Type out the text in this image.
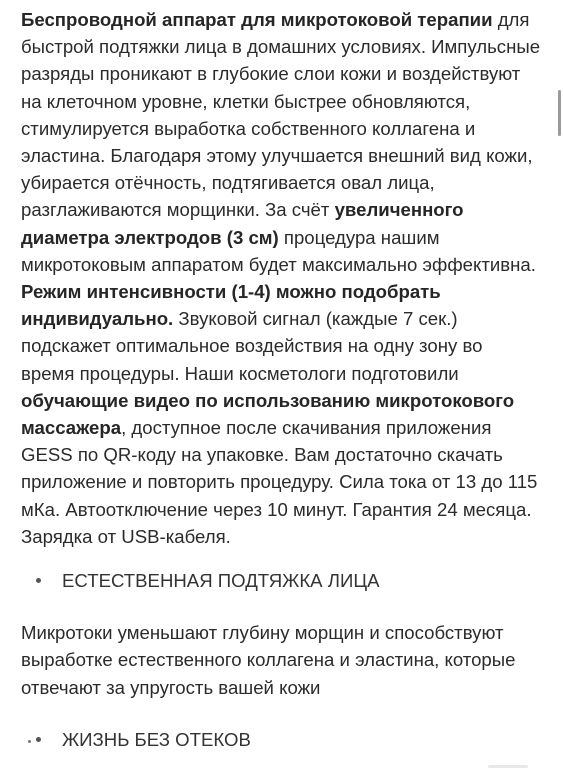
Беспроводной аппарат для микротоковой терапии для быстрой подтяжки лица в домашних условиях. Импульсные разряды проникают в глубокие слои кожи и воздействуют на клеточном уровне, клетки быстрее обновляются, стимулируется выработка собственного коллагена и эластина. Благодаря этому улучшается внешний вид кожи, убирается отёчность, подтягивается овал лица, разглаживаются морщинки. За счёт увеличенного диаметра электродов (3 см) процедура нашим микротоковым аппаратом будет максимально эффективна. Режим интенсивности (1-4) можно подобрать индивидуально. Звуковой сигнал (каждые 7 сек.) подскажет оптимальное воздействия на одну зону во время процедуры. Наши косметологи подготовили обучающие видео по использованию микротокового массажера, доступное после скачивания приложения GESS по QR-коду на упаковке. Вам достаточно скачать приложение и повторить процедуру. Сила тока от 13 до 115 мКа. Автоотключение через 10 минут. Гарантия 24 месяца. Зарядка от USB-кабеля.

ЕСТЕСТВЕННАЯ ПОДТЯЖКА ЛИЦА

Микротоки уменьшают глубину морщин и способствуют выработке естественного коллагена и эластина, которые отвечают за упругость вашей кожи

ЖИЗНЬ БЕЗ ОТЕКОВ
